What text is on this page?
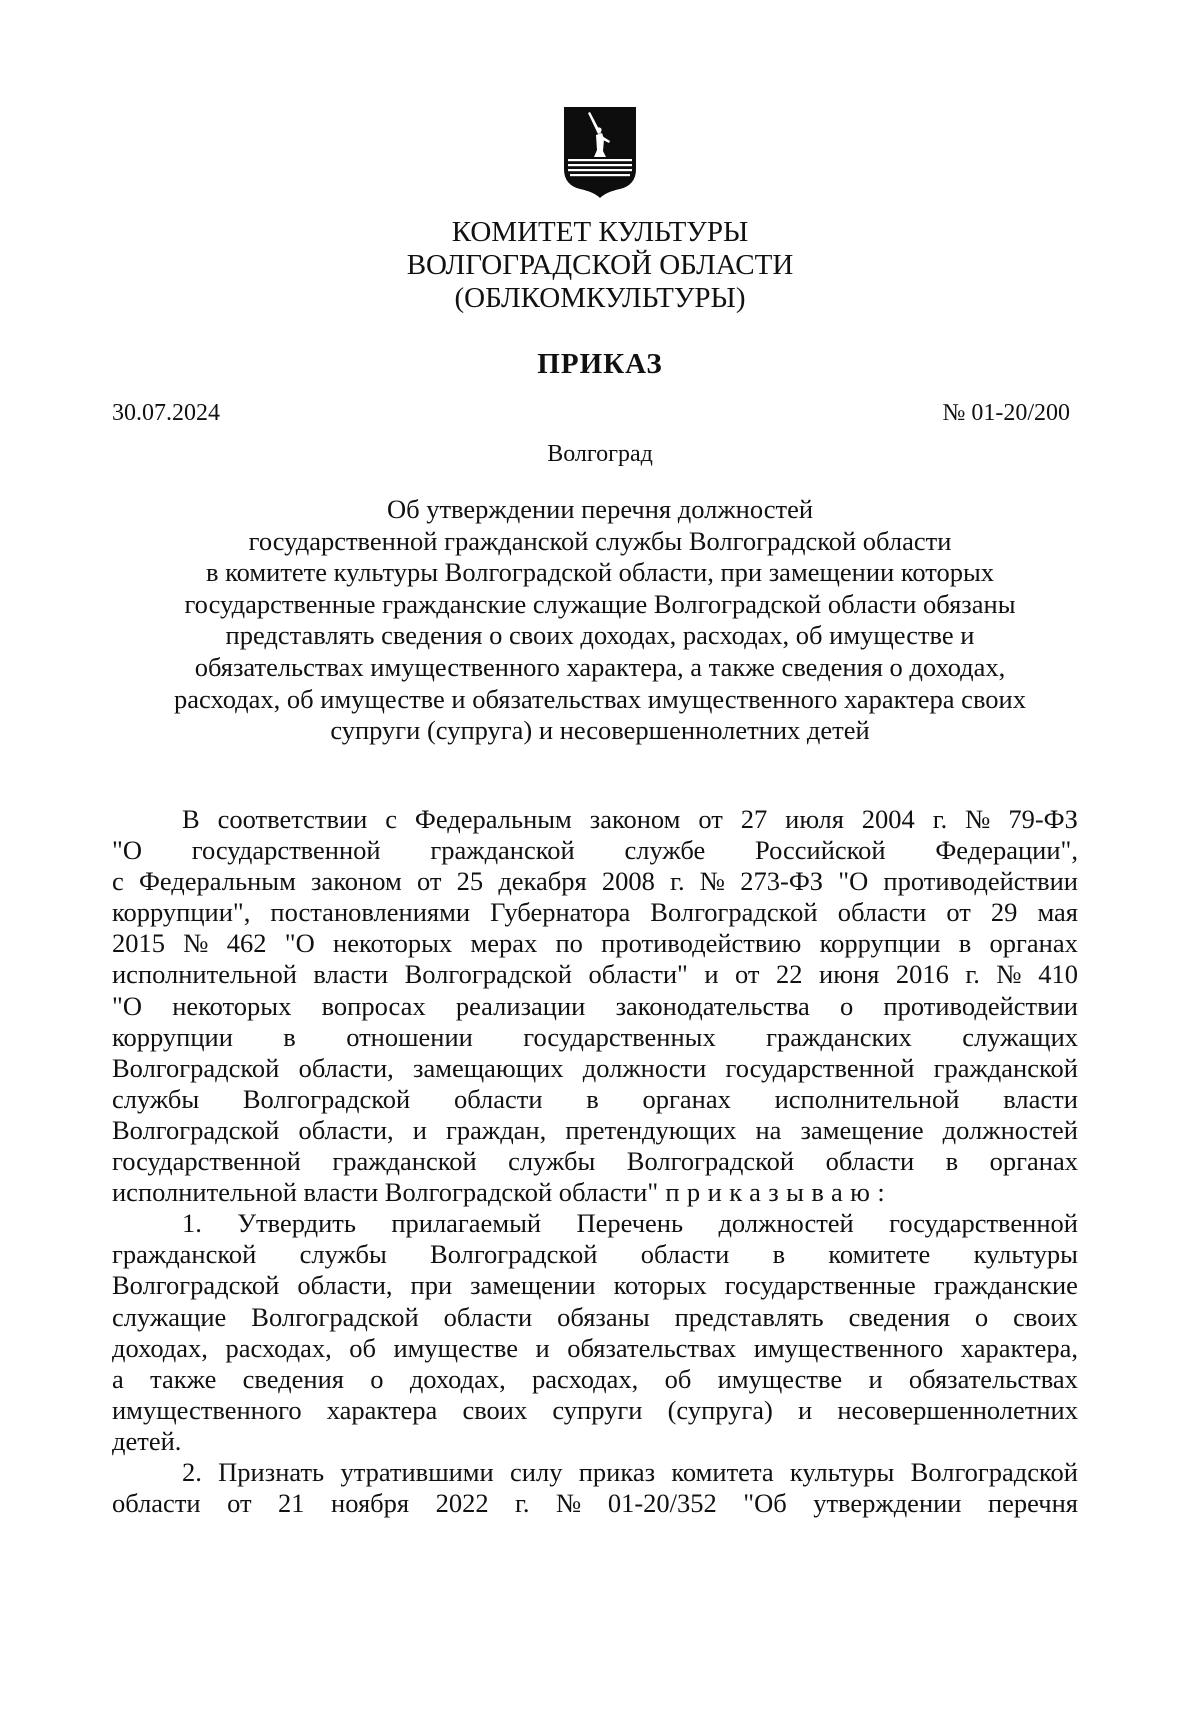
КОМИТЕТ КУЛЬТУРЫ
ВОЛГОГРАДСКОЙ ОБЛАСТИ
(ОБЛКОМКУЛЬТУРЫ)
ПРИКАЗ
30.07.2024	№ 01-20/200
Волгоград
Об утверждении перечня должностей
государственной гражданской службы Волгоградской области
в комитете культуры Волгоградской области, при замещении которых
государственные гражданские служащие Волгоградской области обязаны
представлять сведения о своих доходах, расходах, об имуществе и
обязательствах имущественного характера, а также сведения о доходах,
расходах, об имуществе и обязательствах имущественного характера своих
супруги (супруга) и несовершеннолетних детей
В соответствии с Федеральным законом от 27 июля 2004 г. № 79-ФЗ
"О государственной гражданской службе Российской Федерации",
с Федеральным законом от 25 декабря 2008 г. № 273-ФЗ "О противодействии
коррупции", постановлениями Губернатора Волгоградской области от 29 мая
2015 № 462 "О некоторых мерах по противодействию коррупции в органах
исполнительной власти Волгоградской области" и от 22 июня 2016 г. № 410
"О некоторых вопросах реализации законодательства о противодействии
коррупции в отношении государственных гражданских служащих
Волгоградской области, замещающих должности государственной гражданской
службы Волгоградской области в органах исполнительной власти
Волгоградской области, и граждан, претендующих на замещение должностей
государственной гражданской службы Волгоградской области в органах
исполнительной власти Волгоградской области" приказываю:
1. Утвердить прилагаемый Перечень должностей государственной
гражданской службы Волгоградской области в комитете культуры
Волгоградской области, при замещении которых государственные гражданские
служащие Волгоградской области обязаны представлять сведения о своих
доходах, расходах, об имуществе и обязательствах имущественного характера,
а также сведения о доходах, расходах, об имуществе и обязательствах
имущественного характера своих супруги (супруга) и несовершеннолетних
детей.
2. Признать утратившими силу приказ комитета культуры Волгоградской
области от 21 ноября 2022 г. № 01-20/352 "Об утверждении перечня
